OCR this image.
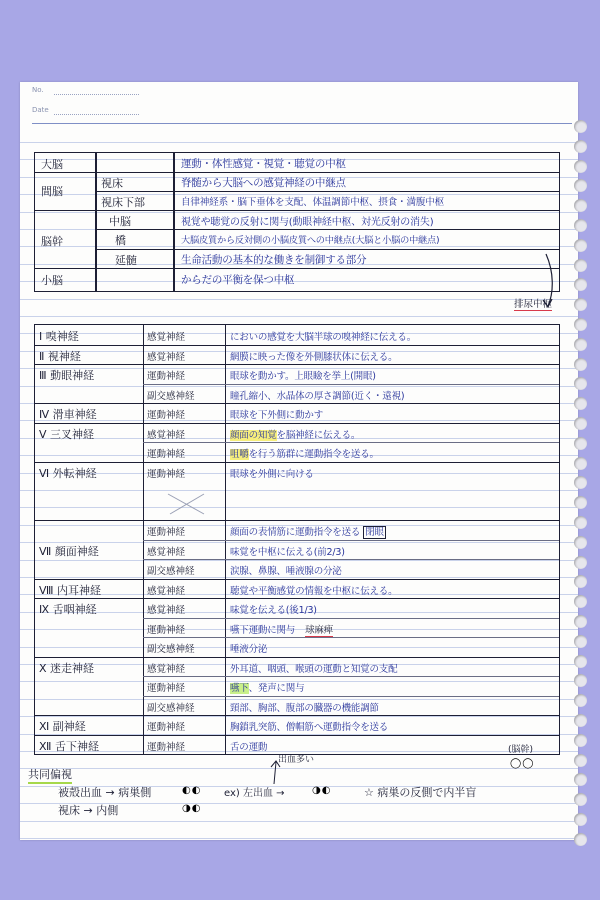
No.
Date
大脳	運動・体性感覚・視覚・聴覚の中枢
間脳
視床	脊髄から大脳への感覚神経の中継点
視床下部	自律神経系・脳下垂体を支配、体温調節中枢、摂食・満腹中枢
脳幹
中脳	視覚や聴覚の反射に関与(動眼神経中枢、対光反射の消失)
橋	大脳皮質から反対側の小脳皮質への中継点(大脳と小脳の中継点)
延髄	生命活動の基本的な働きを制御する部分
小脳	からだの平衡を保つ中枢
排尿中枢
Ⅰ 嗅神経	感覚神経	においの感覚を大脳半球の嗅神経に伝える。
Ⅱ 視神経	感覚神経	網膜に映った像を外側膝状体に伝える。
Ⅲ 動眼神経	運動神経	眼球を動かす。上眼瞼を挙上(開眼)
副交感神経	瞳孔縮小、水晶体の厚さ調節(近く・遠視)
Ⅳ 滑車神経	運動神経	眼球を下外側に動かす
Ⅴ 三叉神経	感覚神経	顔面の知覚を脳神経に伝える。
運動神経	咀嚼を行う筋群に運動指令を送る。
Ⅵ 外転神経	運動神経	眼球を外側に向ける
Ⅶ 顔面神経
運動神経	顔面の表情筋に運動指令を送る 閉眼
感覚神経	味覚を中枢に伝える(前2/3)
副交感神経	涙腺、鼻腺、唾液腺の分泌
Ⅷ 内耳神経	感覚神経	聴覚や平衡感覚の情報を中枢に伝える。
Ⅸ 舌咽神経	感覚神経	味覚を伝える(後1/3)
運動神経	嚥下運動に関与 球麻痺
副交感神経	唾液分泌
Ⅹ 迷走神経	感覚神経	外耳道、咽頭、喉頭の運動と知覚の支配
運動神経	嚥下、発声に関与
副交感神経	頸部、胸部、腹部の臓器の機能調節
Ⅺ 副神経	運動神経	胸鎖乳突筋、僧帽筋へ運動指令を送る
Ⅻ 舌下神経	運動神経	舌の運動
共同偏視
被殻出血 → 病巣側	◐◐ ex) 左出血 →	◑◐	☆ 病巣の反側で内半盲
視床 → 内側	◑◐
出血多い
(脳幹)
◯◯
